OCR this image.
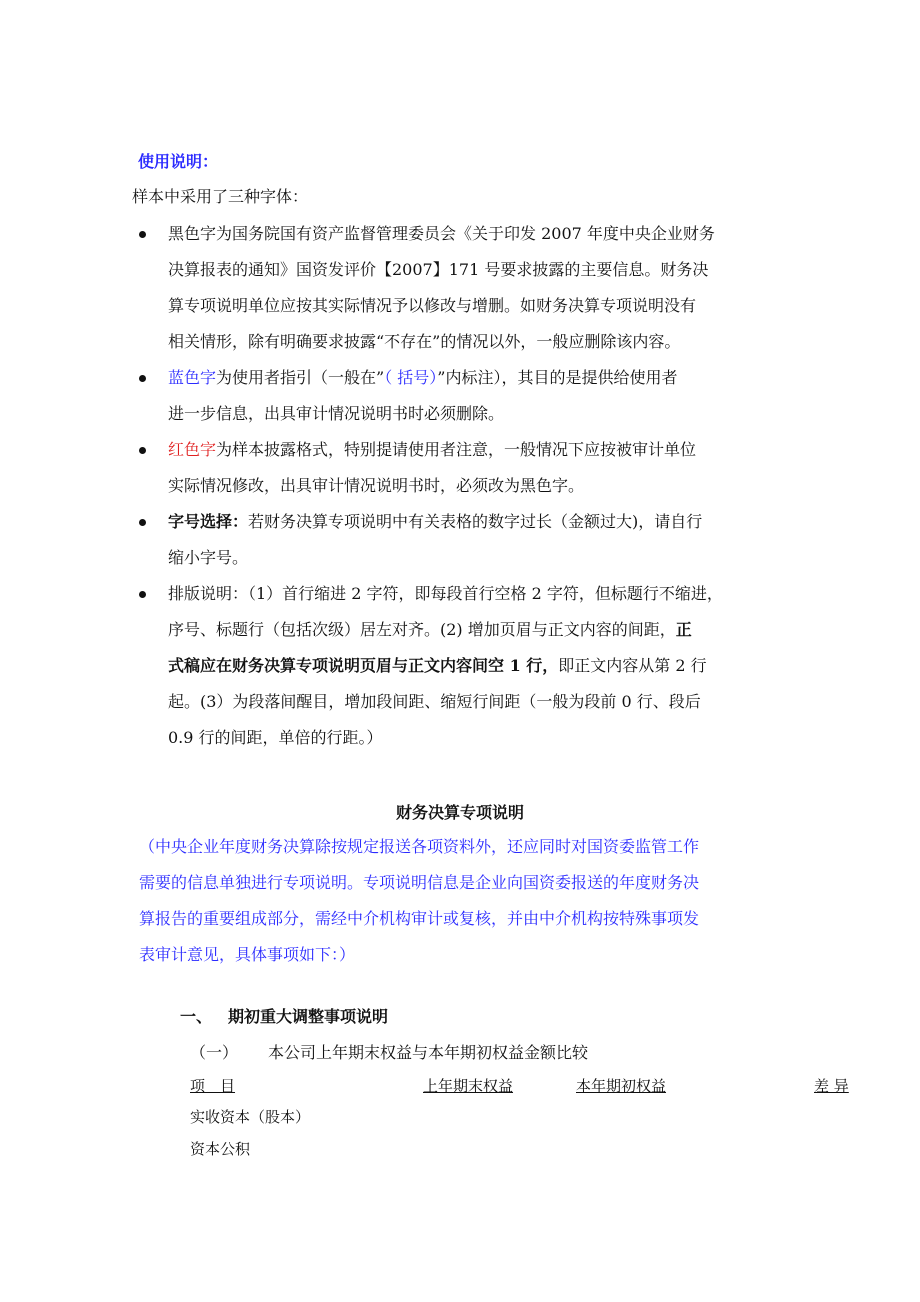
使用说明：
样本中采用了三种字体：
黑色字为国务院国有资产监督管理委员会《关于印发 2007 年度中央企业财务
决算报表的通知》国资发评价【2007】171 号要求披露的主要信息。财务决
算专项说明单位应按其实际情况予以修改与增删。如财务决算专项说明没有
相关情形，除有明确要求披露“不存在”的情况以外，一般应删除该内容。
蓝色字为使用者指引（一般在”（ 括号）”内标注），其目的是提供给使用者
进一步信息，出具审计情况说明书时必须删除。
红色字为样本披露格式，特别提请使用者注意，一般情况下应按被审计单位
实际情况修改，出具审计情况说明书时，必须改为黑色字。
字号选择：若财务决算专项说明中有关表格的数字过长（金额过大)，请自行
缩小字号。
排版说明：（1）首行缩进 2 字符，即每段首行空格 2 字符，但标题行不缩进，
序号、标题行（包括次级）居左对齐。(2) 增加页眉与正文内容的间距，正
式稿应在财务决算专项说明页眉与正文内容间空 1 行，即正文内容从第 2 行
起。(3）为段落间醒目，增加段间距、缩短行间距（一般为段前 0 行、段后
0.9 行的间距，单倍的行距。）
财务决算专项说明
（中央企业年度财务决算除按规定报送各项资料外，还应同时对国资委监管工作
需要的信息单独进行专项说明。专项说明信息是企业向国资委报送的年度财务决
算报告的重要组成部分，需经中介机构审计或复核，并由中介机构按特殊事项发
表审计意见，具体事项如下：）
一、 期初重大调整事项说明
（一） 本公司上年期末权益与本年期初权益金额比较
项　目	上年期末权益	本年期初权益	差 异
实收资本（股本）
资本公积
